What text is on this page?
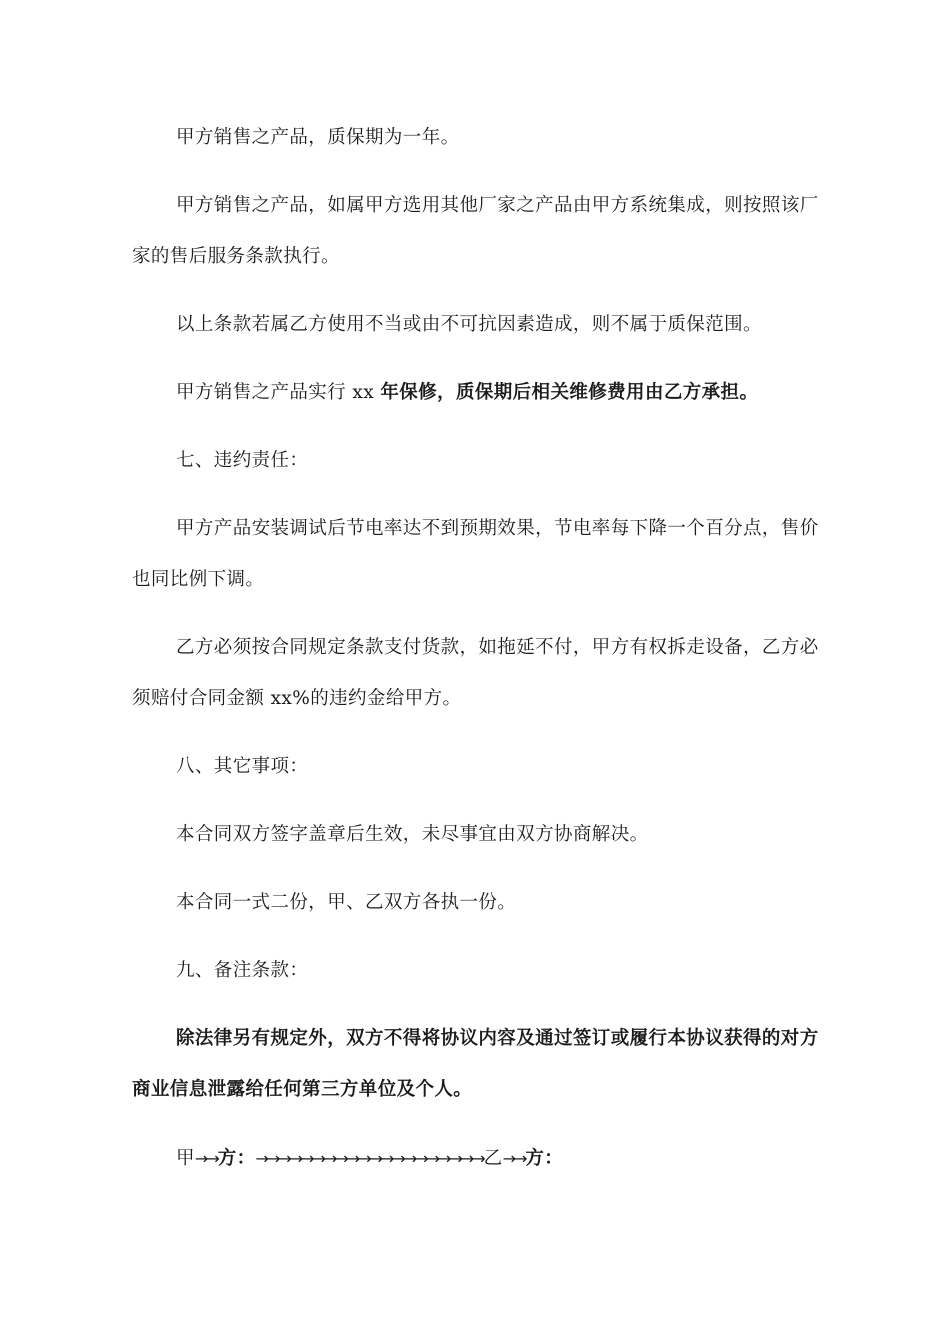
甲方销售之产品，质保期为一年。
甲方销售之产品，如属甲方选用其他厂家之产品由甲方系统集成，则按照该厂家的售后服务条款执行。
以上条款若属乙方使用不当或由不可抗因素造成，则不属于质保范围。
甲方销售之产品实行 xx 年保修，质保期后相关维修费用由乙方承担。
七、违约责任：
甲方产品安装调试后节电率达不到预期效果，节电率每下降一个百分点，售价也同比例下调。
乙方必须按合同规定条款支付货款，如拖延不付，甲方有权拆走设备，乙方必须赔付合同金额 xx%的违约金给甲方。
八、其它事项：
本合同双方签字盖章后生效，未尽事宜由双方协商解决。
本合同一式二份，甲、乙双方各执一份。
九、备注条款：
除法律另有规定外，双方不得将协议内容及通过签订或履行本协议获得的对方商业信息泄露给任何第三方单位及个人。
甲→→方：→→→→→→→→→→→→→→→→→→→→乙→→方：
